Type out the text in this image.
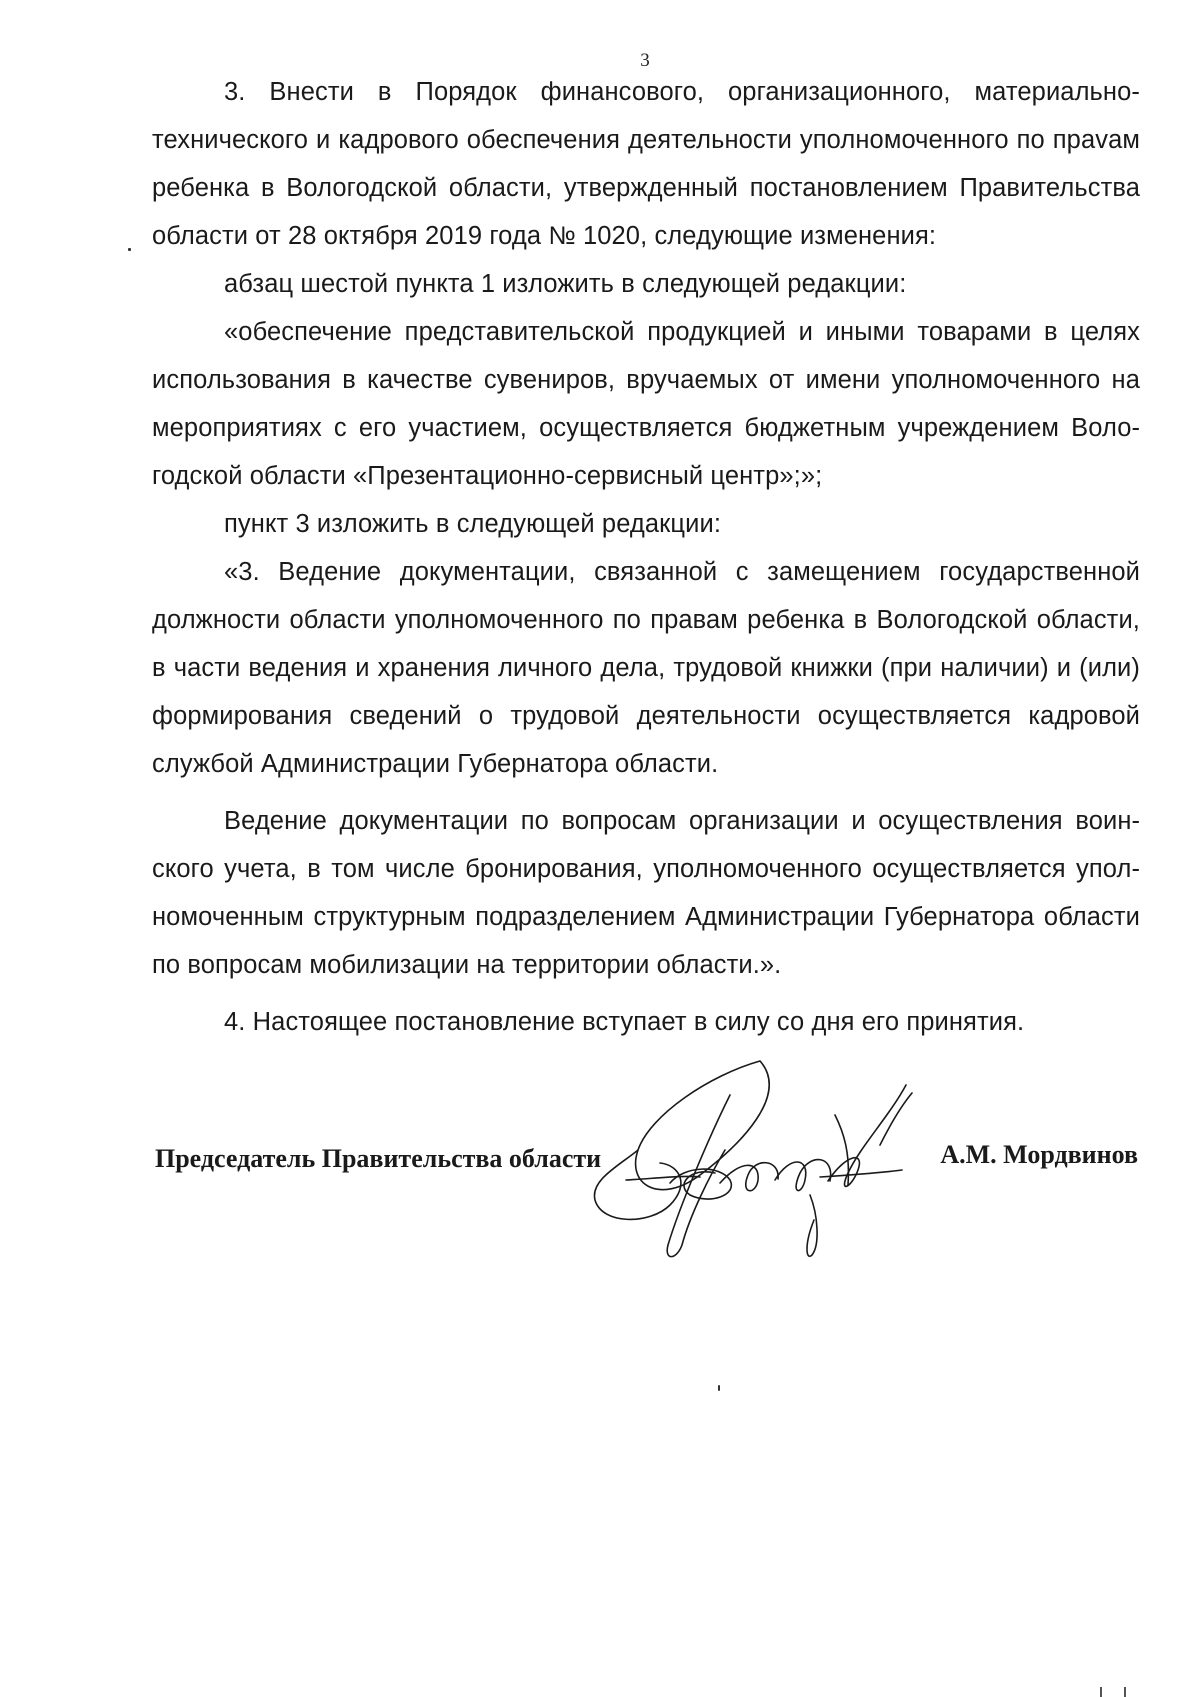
3

3. Внести в Порядок финансового, организационного, материально-технического и кадрового обеспечения деятельности уполномоченного по праvам ребенка в Вологодской области, утвержденный постановлением Правительства области от 28 октября 2019 года № 1020, следующие изменения:

абзац шестой пункта 1 изложить в следующей редакции:

«обеспечение представительской продукцией и иными товарами в целях использования в качестве сувениров, вручаемых от имени уполномоченного на мероприятиях с его участием, осуществляется бюджетным учреждением Вологодской области «Презентационно-сервисный центр»;»;

пункт 3 изложить в следующей редакции:

«3. Ведение документации, связанной с замещением государственной должности области уполномоченного по правам ребенка в Вологодской области, в части ведения и хранения личного дела, трудовой книжки (при наличии) и (или) формирования сведений о трудовой деятельности осуществляется кадровой службой Администрации Губернатора области.

Ведение документации по вопросам организации и осуществления воинского учета, в том числе бронирования, уполномоченного осуществляется уполномоченным структурным подразделением Администрации Губернатора области по вопросам мобилизации на территории области.».

4. Настоящее постановление вступает в силу со дня его принятия.

Председатель Правительства области	А.М. Мордвинов
